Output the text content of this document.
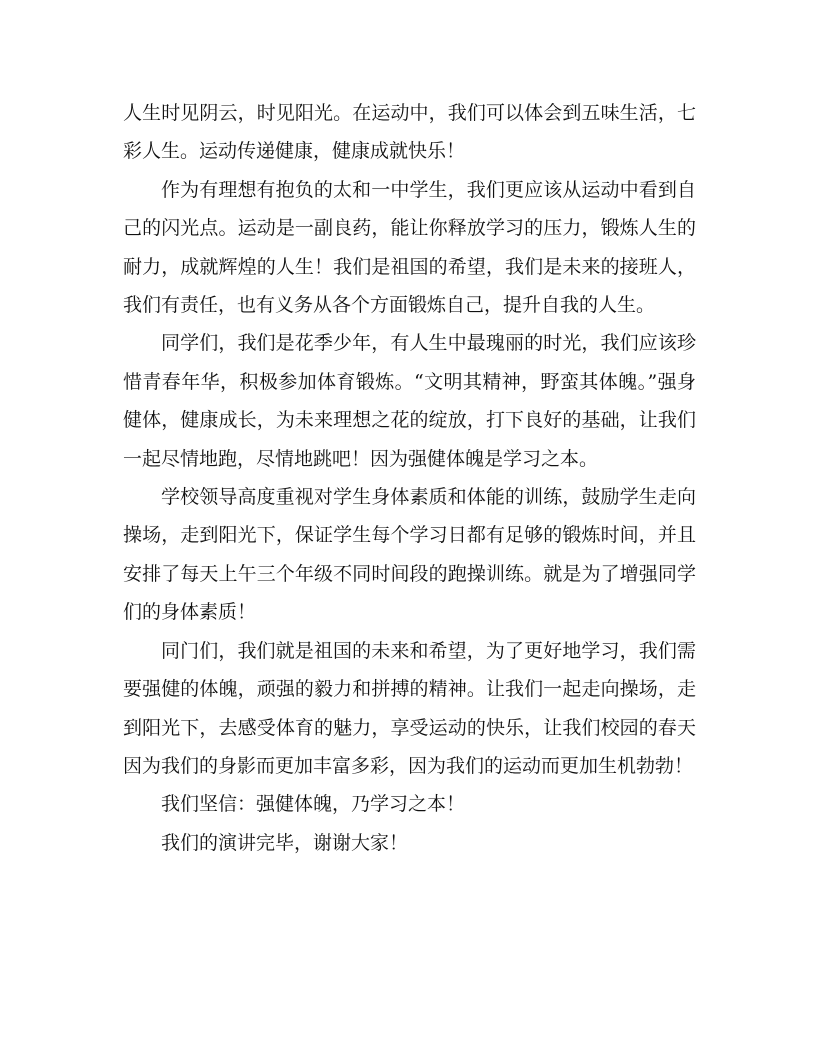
人生时见阴云，时见阳光。在运动中，我们可以体会到五味生活，七彩人生。运动传递健康，健康成就快乐！

作为有理想有抱负的太和一中学生，我们更应该从运动中看到自己的闪光点。运动是一副良药，能让你释放学习的压力，锻炼人生的耐力，成就辉煌的人生！我们是祖国的希望，我们是未来的接班人，我们有责任，也有义务从各个方面锻炼自己，提升自我的人生。

同学们，我们是花季少年，有人生中最瑰丽的时光，我们应该珍惜青春年华，积极参加体育锻炼。“文明其精神，野蛮其体魄。”强身健体，健康成长，为未来理想之花的绽放，打下良好的基础，让我们一起尽情地跑，尽情地跳吧！因为强健体魄是学习之本。

学校领导高度重视对学生身体素质和体能的训练，鼓励学生走向操场，走到阳光下，保证学生每个学习日都有足够的锻炼时间，并且安排了每天上午三个年级不同时间段的跑操训练。就是为了增强同学们的身体素质！

同门们，我们就是祖国的未来和希望，为了更好地学习，我们需要强健的体魄，顽强的毅力和拼搏的精神。让我们一起走向操场，走到阳光下，去感受体育的魅力，享受运动的快乐，让我们校园的春天因为我们的身影而更加丰富多彩，因为我们的运动而更加生机勃勃！

我们坚信：强健体魄，乃学习之本！

我们的演讲完毕，谢谢大家！
